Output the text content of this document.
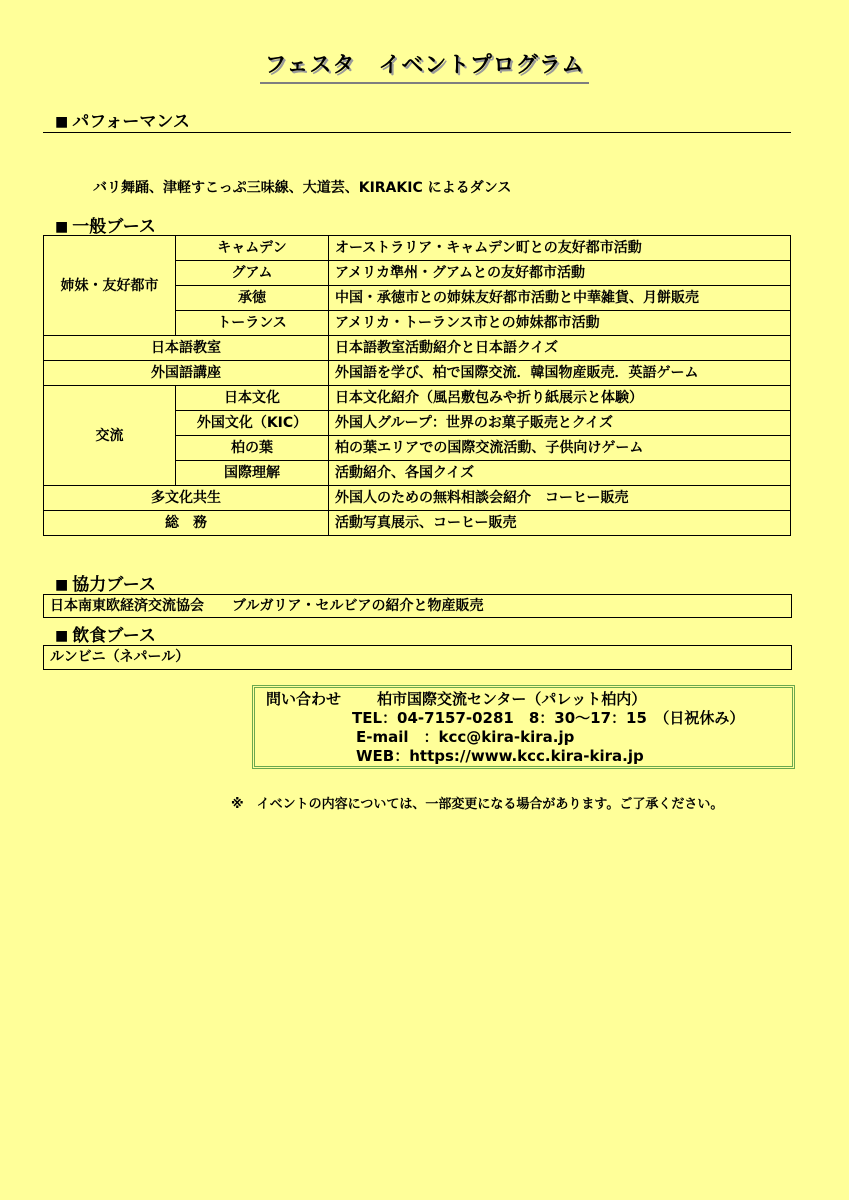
フェスタ　イベントプログラム
■ パフォーマンス
バリ舞踊、津軽すこっぷ三味線、大道芸、KIRAKIC によるダンス
■ 一般ブース
姉妹・友好都市	キャムデン	オーストラリア・キャムデン町との友好都市活動
	グアム	アメリカ準州・グアムとの友好都市活動
	承徳	中国・承徳市との姉妹友好都市活動と中華雑貨、月餅販売
	トーランス	アメリカ・トーランス市との姉妹都市活動
日本語教室		日本語教室活動紹介と日本語クイズ
外国語講座		外国語を学び、柏で国際交流．韓国物産販売．英語ゲーム
交流	日本文化	日本文化紹介（風呂敷包みや折り紙展示と体験）
	外国文化（KIC）	外国人グループ：世界のお菓子販売とクイズ
	柏の葉	柏の葉エリアでの国際交流活動、子供向けゲーム
	国際理解	活動紹介、各国クイズ
多文化共生		外国人のための無料相談会紹介　コーヒー販売
総　務		活動写真展示、コーヒー販売
■ 協力ブース
日本南東欧経済交流協会　　ブルガリア・セルビアの紹介と物産販売
■ 飲食ブース
ルンビニ（ネパール）
問い合わせ 柏市国際交流センター（パレット柏内）
TEL：04-7157-0281　8：30～17：15　（日祝休み）
E-mail　：kcc@kira-kira.jp
WEB：https://www.kcc.kira-kira.jp
※　イベントの内容については、一部変更になる場合があります。ご了承ください。
